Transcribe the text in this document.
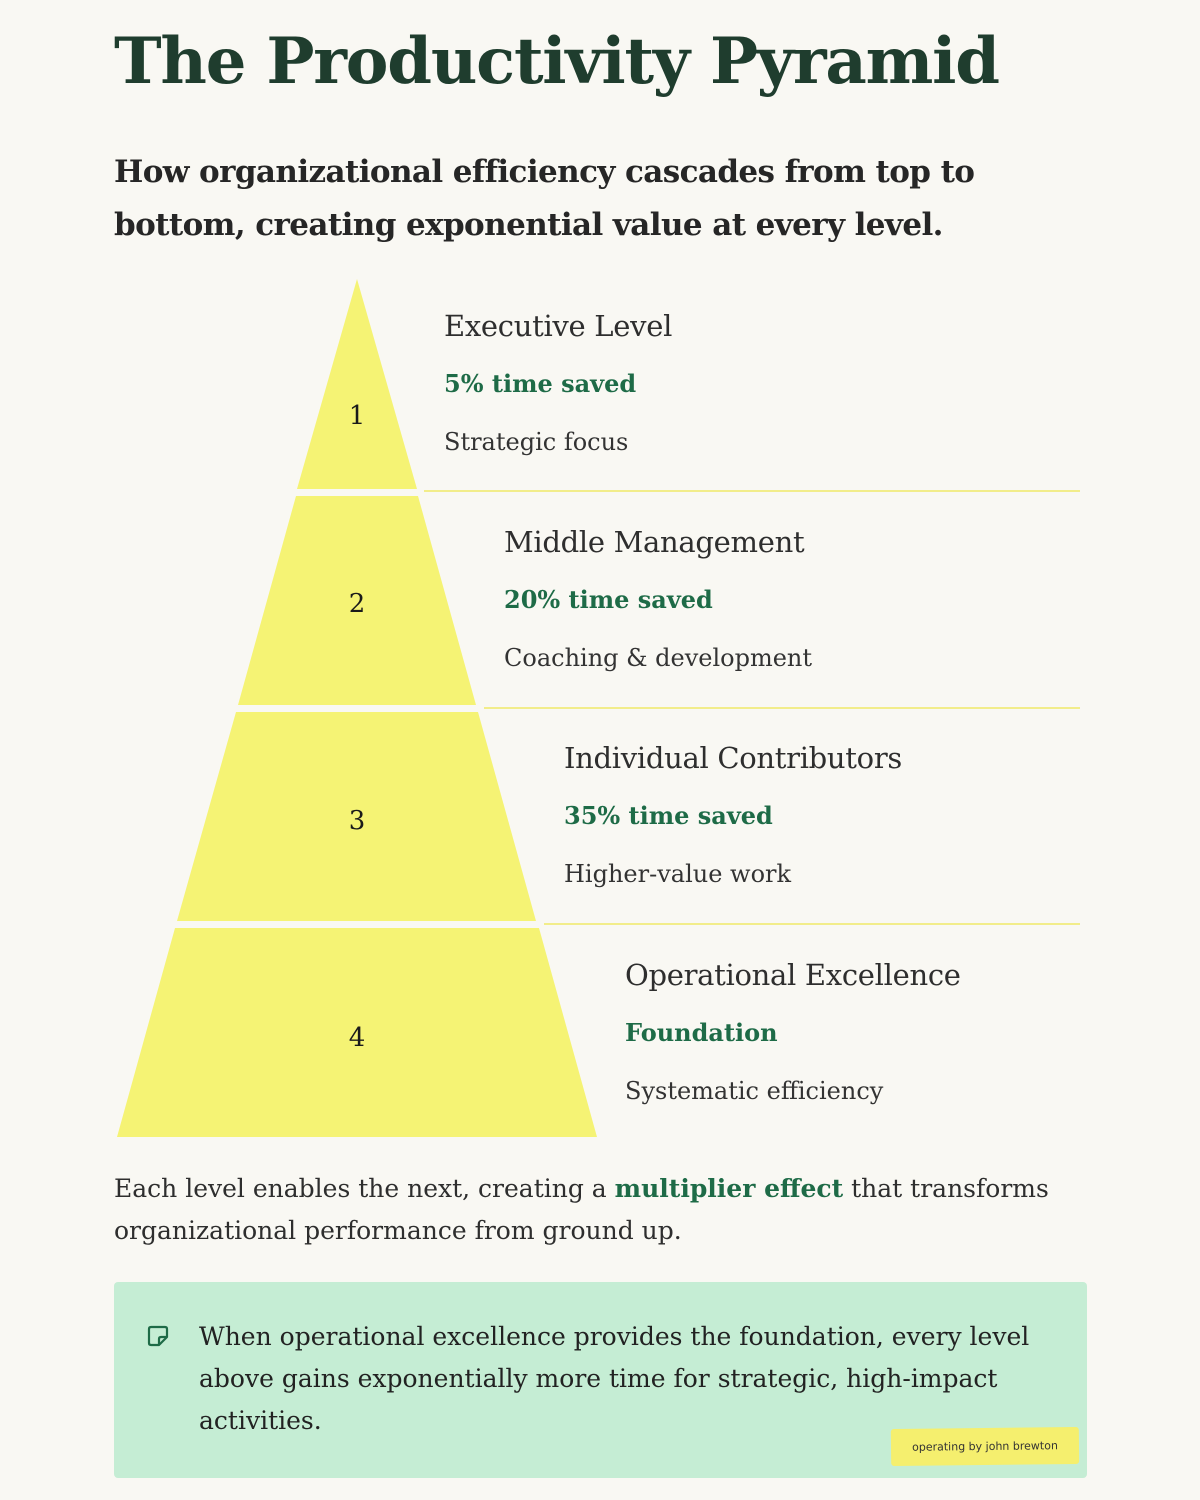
The Productivity Pyramid

How organizational efficiency cascades from top to bottom, creating exponential value at every level.

1
2
3
4
Executive Level
5% time saved
Strategic focus
Middle Management
20% time saved
Coaching & development
Individual Contributors
35% time saved
Higher-value work
Operational Excellence
Foundation
Systematic efficiency

Each level enables the next, creating a multiplier effect that transforms organizational performance from ground up.

When operational excellence provides the foundation, every level above gains exponentially more time for strategic, high-impact activities.

operating by john brewton
